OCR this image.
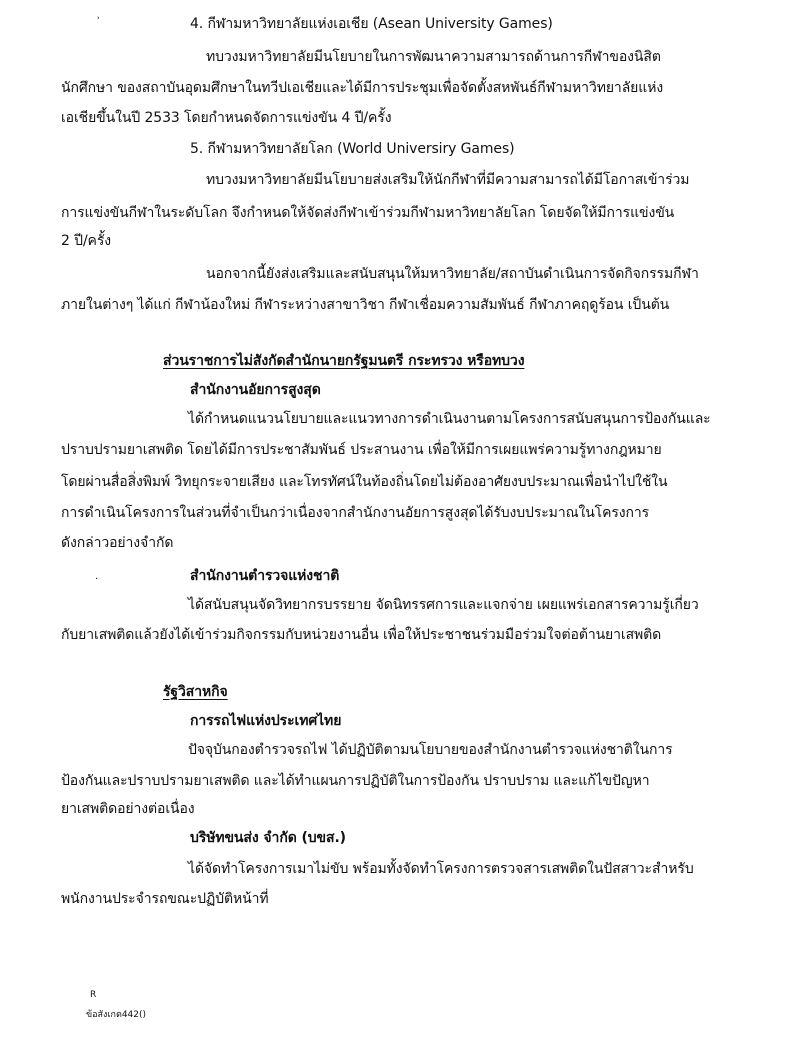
ʾ	4. กีฬามหาวิทยาลัยแห่งเอเชีย (Asean University Games)
ทบวงมหาวิทยาลัยมีนโยบายในการพัฒนาความสามารถด้านการกีฬาของนิสิต
นักศึกษา ของสถาบันอุดมศึกษาในทวีปเอเชียและได้มีการประชุมเพื่อจัดตั้งสหพันธ์กีฬามหาวิทยาลัยแห่ง
เอเชียขึ้นในปี 2533 โดยกำหนดจัดการแข่งขัน 4 ปี/ครั้ง
5. กีฬามหาวิทยาลัยโลก (World Universiry Games)
ทบวงมหาวิทยาลัยมีนโยบายส่งเสริมให้นักกีฬาที่มีความสามารถได้มีโอกาสเข้าร่วม
การแข่งขันกีฬาในระดับโลก จึงกำหนดให้จัดส่งกีฬาเข้าร่วมกีฬามหาวิทยาลัยโลก โดยจัดให้มีการแข่งขัน
2 ปี/ครั้ง
นอกจากนี้ยังส่งเสริมและสนับสนุนให้มหาวิทยาลัย/สถาบันดำเนินการจัดกิจกรรมกีฬา
ภายในต่างๆ ได้แก่ กีฬาน้องใหม่ กีฬาระหว่างสาขาวิชา กีฬาเชื่อมความสัมพันธ์ กีฬาภาคฤดูร้อน เป็นต้น
ส่วนราชการไม่สังกัดสำนักนายกรัฐมนตรี กระทรวง หรือทบวง
สำนักงานอัยการสูงสุด
ได้กำหนดแนวนโยบายและแนวทางการดำเนินงานตามโครงการสนับสนุนการป้องกันและ
ปราบปรามยาเสพติด โดยได้มีการประชาสัมพันธ์ ประสานงาน เพื่อให้มีการเผยแพร่ความรู้ทางกฎหมาย
โดยผ่านสื่อสิ่งพิมพ์ วิทยุกระจายเสียง และโทรทัศน์ในท้องถิ่นโดยไม่ต้องอาศัยงบประมาณเพื่อนำไปใช้ใน
การดำเนินโครงการในส่วนที่จำเป็นกว่าเนื่องจากสำนักงานอัยการสูงสุดได้รับงบประมาณในโครงการ
ดังกล่าวอย่างจำกัด
·	สำนักงานตำรวจแห่งชาติ
ได้สนับสนุนจัดวิทยากรบรรยาย จัดนิทรรศการและแจกจ่าย เผยแพร่เอกสารความรู้เกี่ยว
กับยาเสพติดแล้วยังได้เข้าร่วมกิจกรรมกับหน่วยงานอื่น เพื่อให้ประชาชนร่วมมือร่วมใจต่อต้านยาเสพติด
รัฐวิสาหกิจ
การรถไฟแห่งประเทศไทย
ปัจจุบันกองตำรวจรถไฟ ได้ปฏิบัติตามนโยบายของสำนักงานตำรวจแห่งชาติในการ
ป้องกันและปราบปรามยาเสพติด และได้ทำแผนการปฏิบัติในการป้องกัน ปราบปราม และแก้ไขปัญหา
ยาเสพติดอย่างต่อเนื่อง
บริษัทขนส่ง จำกัด (บขส.)
ได้จัดทำโครงการเมาไม่ขับ พร้อมทั้งจัดทำโครงการตรวจสารเสพติดในปัสสาวะสำหรับ
พนักงานประจำรถขณะปฏิบัติหน้าที่
R
ข้อสังเกต442()
